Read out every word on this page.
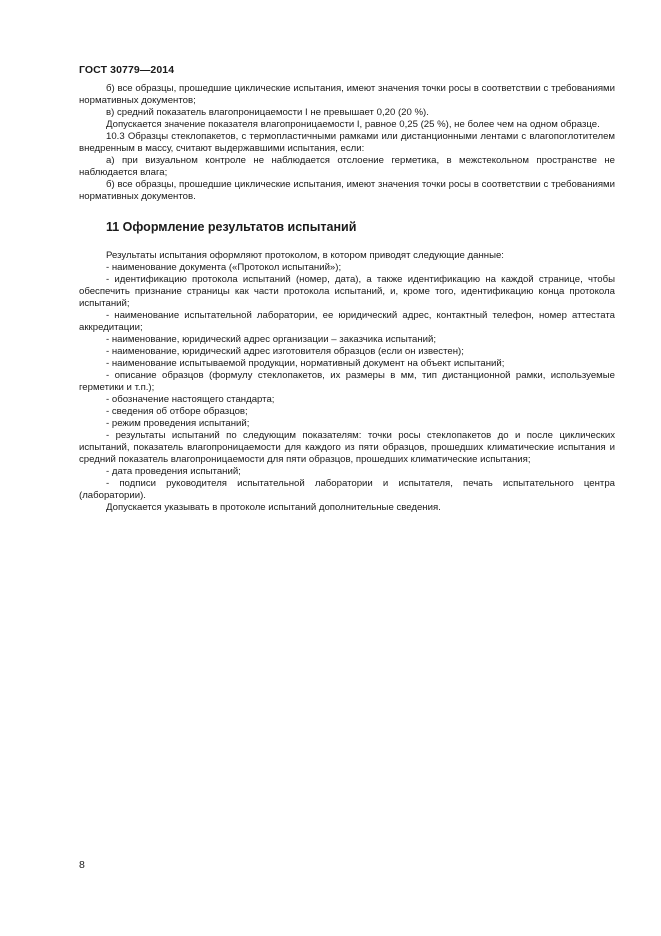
ГОСТ 30779—2014

б) все образцы, прошедшие циклические испытания, имеют значения точки росы в соответствии с требованиями нормативных документов;

в) средний показатель влагопроницаемости I не превышает 0,20 (20 %).

Допускается значение показателя влагопроницаемости I, равное 0,25 (25 %), не более чем на одном образце.

10.3 Образцы стеклопакетов, с термопластичными рамками или дистанционными лентами с влагопоглотителем внедренным в массу, считают выдержавшими испытания, если:

а) при визуальном контроле не наблюдается отслоение герметика, в межстекольном пространстве не наблюдается влага;

б) все образцы, прошедшие циклические испытания, имеют значения точки росы в соответствии с требованиями нормативных документов.

11 Оформление результатов испытаний

Результаты испытания оформляют протоколом, в котором приводят следующие данные:

- наименование документа («Протокол испытаний»);

- идентификацию протокола испытаний (номер, дата), а также идентификацию на каждой странице, чтобы обеспечить признание страницы как части протокола испытаний, и, кроме того, идентификацию конца протокола испытаний;

- наименование испытательной лаборатории, ее юридический адрес, контактный телефон, номер аттестата аккредитации;

- наименование, юридический адрес организации – заказчика испытаний;

- наименование, юридический адрес изготовителя образцов (если он известен);

- наименование испытываемой продукции, нормативный документ на объект испытаний;

- описание образцов (формулу стеклопакетов, их размеры в мм, тип дистанционной рамки, используемые герметики и т.п.);

- обозначение настоящего стандарта;

- сведения об отборе образцов;

- режим проведения испытаний;

- результаты испытаний по следующим показателям: точки росы стеклопакетов до и после циклических испытаний, показатель влагопроницаемости для каждого из пяти образцов, прошедших климатические испытания и средний показатель влагопроницаемости для пяти образцов, прошедших климатические испытания;

- дата проведения испытаний;

- подписи руководителя испытательной лаборатории и испытателя, печать испытательного центра (лаборатории).

Допускается указывать в протоколе испытаний дополнительные сведения.

8
